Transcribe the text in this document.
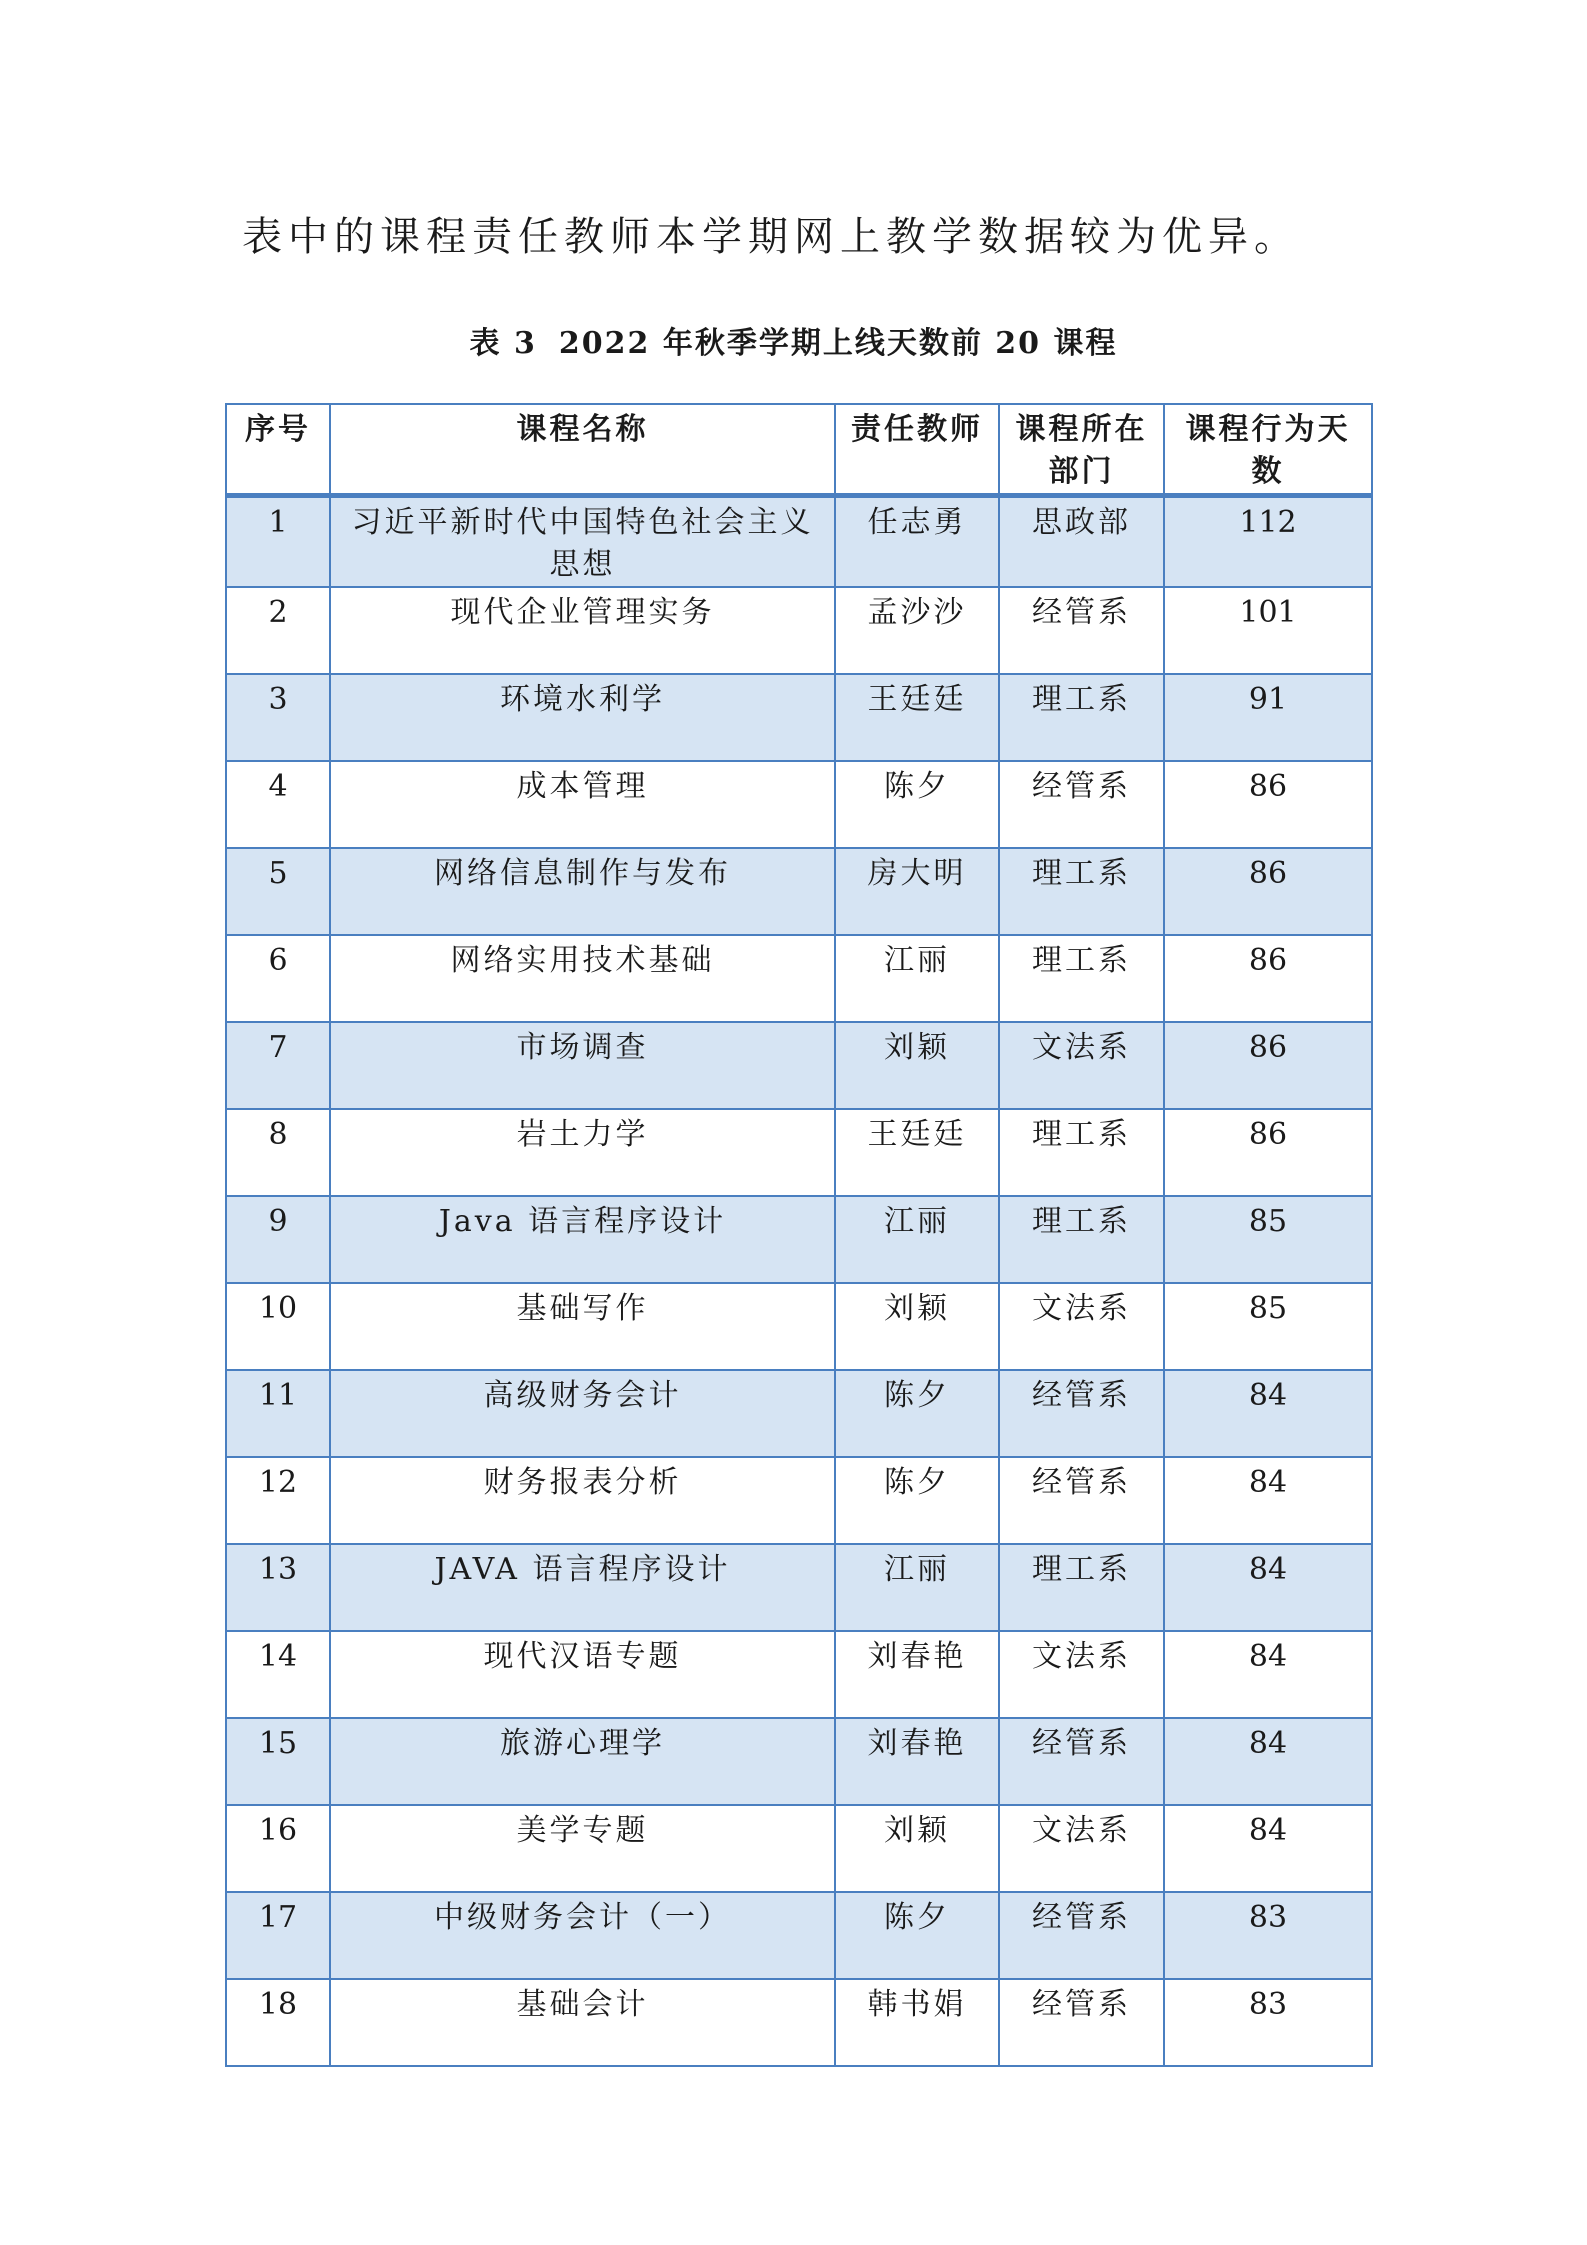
表中的课程责任教师本学期网上教学数据较为优异。
表 3 2022 年秋季学期上线天数前 20 课程
序号	课程名称	责任教师	课程所在部门	课程行为天数
1	习近平新时代中国特色社会主义思想	任志勇	思政部	112
2	现代企业管理实务	孟沙沙	经管系	101
3	环境水利学	王廷廷	理工系	91
4	成本管理	陈夕	经管系	86
5	网络信息制作与发布	房大明	理工系	86
6	网络实用技术基础	江丽	理工系	86
7	市场调查	刘颖	文法系	86
8	岩土力学	王廷廷	理工系	86
9	Java 语言程序设计	江丽	理工系	85
10	基础写作	刘颖	文法系	85
11	高级财务会计	陈夕	经管系	84
12	财务报表分析	陈夕	经管系	84
13	JAVA 语言程序设计	江丽	理工系	84
14	现代汉语专题	刘春艳	文法系	84
15	旅游心理学	刘春艳	经管系	84
16	美学专题	刘颖	文法系	84
17	中级财务会计（一）	陈夕	经管系	83
18	基础会计	韩书娟	经管系	83
